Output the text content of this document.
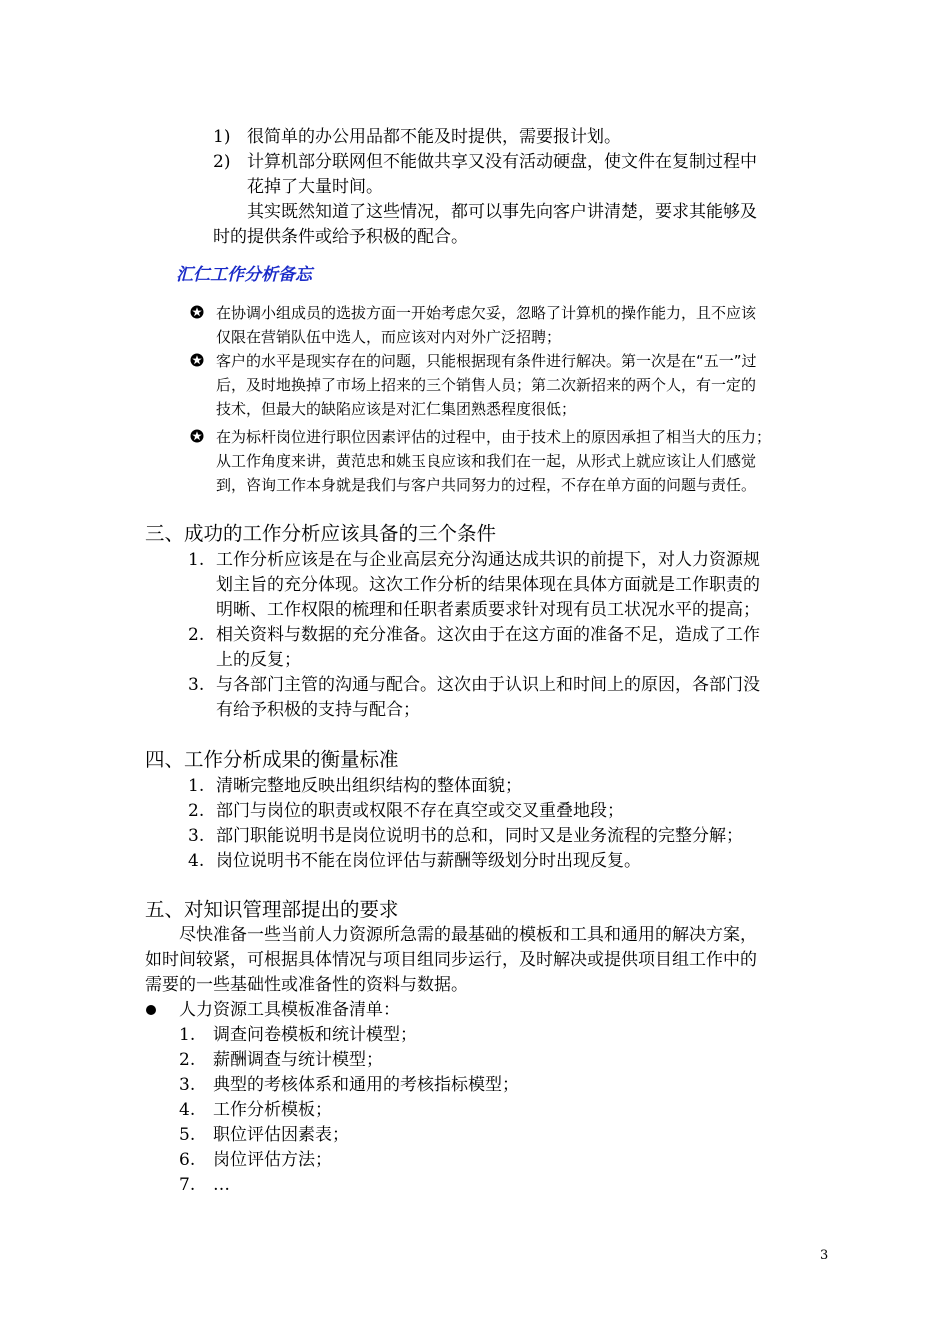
1) 很简单的办公用品都不能及时提供，需要报计划。
2) 计算机部分联网但不能做共享又没有活动硬盘，使文件在复制过程中
花掉了大量时间。
其实既然知道了这些情况，都可以事先向客户讲清楚，要求其能够及
时的提供条件或给予积极的配合。
汇仁工作分析备忘
在协调小组成员的选拔方面一开始考虑欠妥，忽略了计算机的操作能力，且不应该
仅限在营销队伍中选人，而应该对内对外广泛招聘；
客户的水平是现实存在的问题，只能根据现有条件进行解决。第一次是在“五一”过
后，及时地换掉了市场上招来的三个销售人员；第二次新招来的两个人，有一定的
技术，但最大的缺陷应该是对汇仁集团熟悉程度很低；
在为标杆岗位进行职位因素评估的过程中，由于技术上的原因承担了相当大的压力；
从工作角度来讲，黄范忠和姚玉良应该和我们在一起，从形式上就应该让人们感觉
到，咨询工作本身就是我们与客户共同努力的过程，不存在单方面的问题与责任。
三、成功的工作分析应该具备的三个条件
1. 工作分析应该是在与企业高层充分沟通达成共识的前提下，对人力资源规
划主旨的充分体现。这次工作分析的结果体现在具体方面就是工作职责的
明晰、工作权限的梳理和任职者素质要求针对现有员工状况水平的提高；
2. 相关资料与数据的充分准备。这次由于在这方面的准备不足，造成了工作
上的反复；
3. 与各部门主管的沟通与配合。这次由于认识上和时间上的原因，各部门没
有给予积极的支持与配合；
四、工作分析成果的衡量标准
1. 清晰完整地反映出组织结构的整体面貌；
2. 部门与岗位的职责或权限不存在真空或交叉重叠地段；
3. 部门职能说明书是岗位说明书的总和，同时又是业务流程的完整分解；
4. 岗位说明书不能在岗位评估与薪酬等级划分时出现反复。
五、对知识管理部提出的要求
尽快准备一些当前人力资源所急需的最基础的模板和工具和通用的解决方案，
如时间较紧，可根据具体情况与项目组同步运行，及时解决或提供项目组工作中的
需要的一些基础性或准备性的资料与数据。
人力资源工具模板准备清单：
1. 调查问卷模板和统计模型；
2. 薪酬调查与统计模型；
3. 典型的考核体系和通用的考核指标模型；
4. 工作分析模板；
5. 职位评估因素表；
6. 岗位评估方法；
7. …
3
